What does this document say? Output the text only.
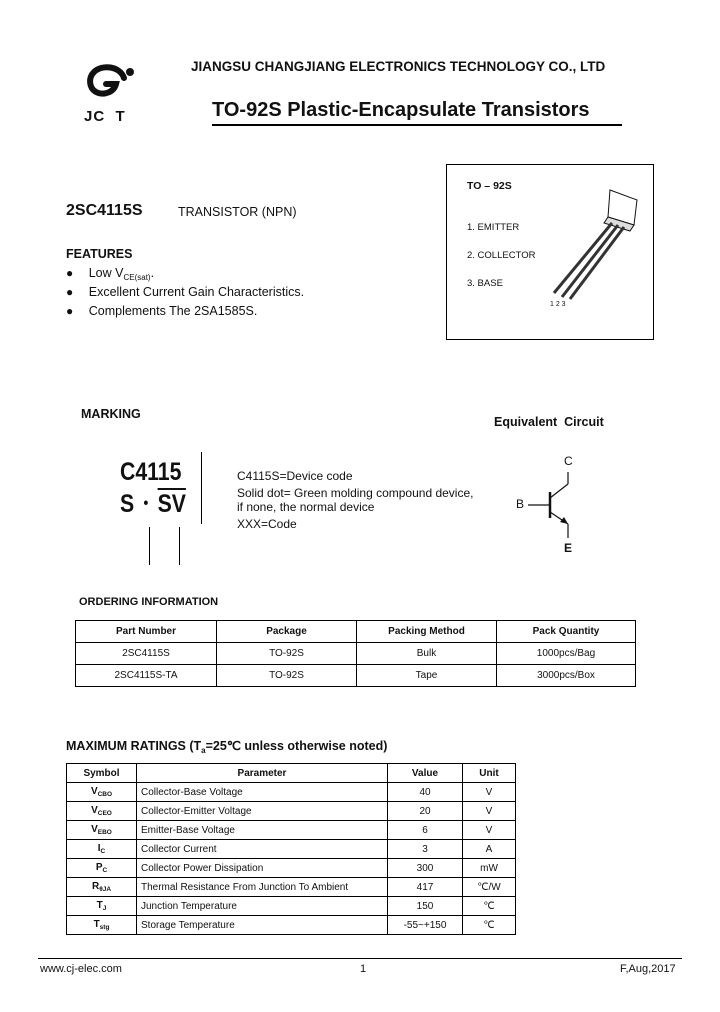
JC  T
JIANGSU CHANGJIANG ELECTRONICS TECHNOLOGY CO., LTD
TO-92S Plastic-Encapsulate Transistors
TO – 92S
1. EMITTER
2. COLLECTOR
3. BASE
1 2 3
2SC4115S	TRANSISTOR (NPN)
FEATURES
● Low $V_{CE(sat)}$.
● Excellent Current Gain Characteristics.
● Complements The 2SA1585S.
MARKING
C4115
S • $\overline{SV}$
C4115S=Device code
Solid dot= Green molding compound device,
if none, the normal device
XXX=Code
Equivalent  Circuit
C
B
E
ORDERING INFORMATION
Part Number	Package	Packing Method	Pack Quantity
2SC4115S	TO-92S	Bulk	1000pcs/Bag
2SC4115S-TA	TO-92S	Tape	3000pcs/Box
MAXIMUM RATINGS ($T_a=25℃$ unless otherwise noted)
Symbol	Parameter	Value	Unit
$V_{CBO}$	Collector-Base Voltage	40	V
$V_{CEO}$	Collector-Emitter Voltage	20	V
$V_{EBO}$	Emitter-Base Voltage	6	V
$I_C$	Collector Current	3	A
$P_C$	Collector Power Dissipation	300	mW
$R_{\theta JA}$	Thermal Resistance From Junction To Ambient	417	℃/W
$T_J$	Junction Temperature	150	℃
$T_{stg}$	Storage Temperature	-55~+150	℃
www.cj-elec.com	1	F,Aug,2017
